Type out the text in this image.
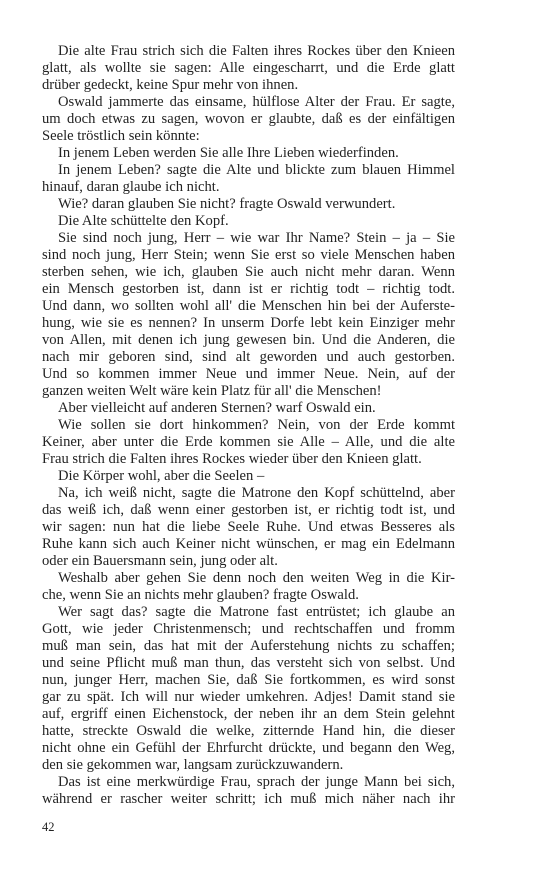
Die alte Frau strich sich die Falten ihres Rockes über den Knieen
glatt, als wollte sie sagen: Alle eingescharrt, und die Erde glatt
drüber gedeckt, keine Spur mehr von ihnen.
Oswald jammerte das einsame, hülflose Alter der Frau. Er sagte,
um doch etwas zu sagen, wovon er glaubte, daß es der einfältigen
Seele tröstlich sein könnte:
In jenem Leben werden Sie alle Ihre Lieben wiederfinden.
In jenem Leben? sagte die Alte und blickte zum blauen Himmel
hinauf, daran glaube ich nicht.
Wie? daran glauben Sie nicht? fragte Oswald verwundert.
Die Alte schüttelte den Kopf.
Sie sind noch jung, Herr – wie war Ihr Name? Stein – ja – Sie
sind noch jung, Herr Stein; wenn Sie erst so viele Menschen haben
sterben sehen, wie ich, glauben Sie auch nicht mehr daran. Wenn
ein Mensch gestorben ist, dann ist er richtig todt – richtig todt.
Und dann, wo sollten wohl all' die Menschen hin bei der Auferste-
hung, wie sie es nennen? In unserm Dorfe lebt kein Einziger mehr
von Allen, mit denen ich jung gewesen bin. Und die Anderen, die
nach mir geboren sind, sind alt geworden und auch gestorben.
Und so kommen immer Neue und immer Neue. Nein, auf der
ganzen weiten Welt wäre kein Platz für all' die Menschen!
Aber vielleicht auf anderen Sternen? warf Oswald ein.
Wie sollen sie dort hinkommen? Nein, von der Erde kommt
Keiner, aber unter die Erde kommen sie Alle – Alle, und die alte
Frau strich die Falten ihres Rockes wieder über den Knieen glatt.
Die Körper wohl, aber die Seelen –
Na, ich weiß nicht, sagte die Matrone den Kopf schüttelnd, aber
das weiß ich, daß wenn einer gestorben ist, er richtig todt ist, und
wir sagen: nun hat die liebe Seele Ruhe. Und etwas Besseres als
Ruhe kann sich auch Keiner nicht wünschen, er mag ein Edelmann
oder ein Bauersmann sein, jung oder alt.
Weshalb aber gehen Sie denn noch den weiten Weg in die Kir-
che, wenn Sie an nichts mehr glauben? fragte Oswald.
Wer sagt das? sagte die Matrone fast entrüstet; ich glaube an
Gott, wie jeder Christenmensch; und rechtschaffen und fromm
muß man sein, das hat mit der Auferstehung nichts zu schaffen;
und seine Pflicht muß man thun, das versteht sich von selbst. Und
nun, junger Herr, machen Sie, daß Sie fortkommen, es wird sonst
gar zu spät. Ich will nur wieder umkehren. Adjes! Damit stand sie
auf, ergriff einen Eichenstock, der neben ihr an dem Stein gelehnt
hatte, streckte Oswald die welke, zitternde Hand hin, die dieser
nicht ohne ein Gefühl der Ehrfurcht drückte, und begann den Weg,
den sie gekommen war, langsam zurückzuwandern.
Das ist eine merkwürdige Frau, sprach der junge Mann bei sich,
während er rascher weiter schritt; ich muß mich näher nach ihr
42
